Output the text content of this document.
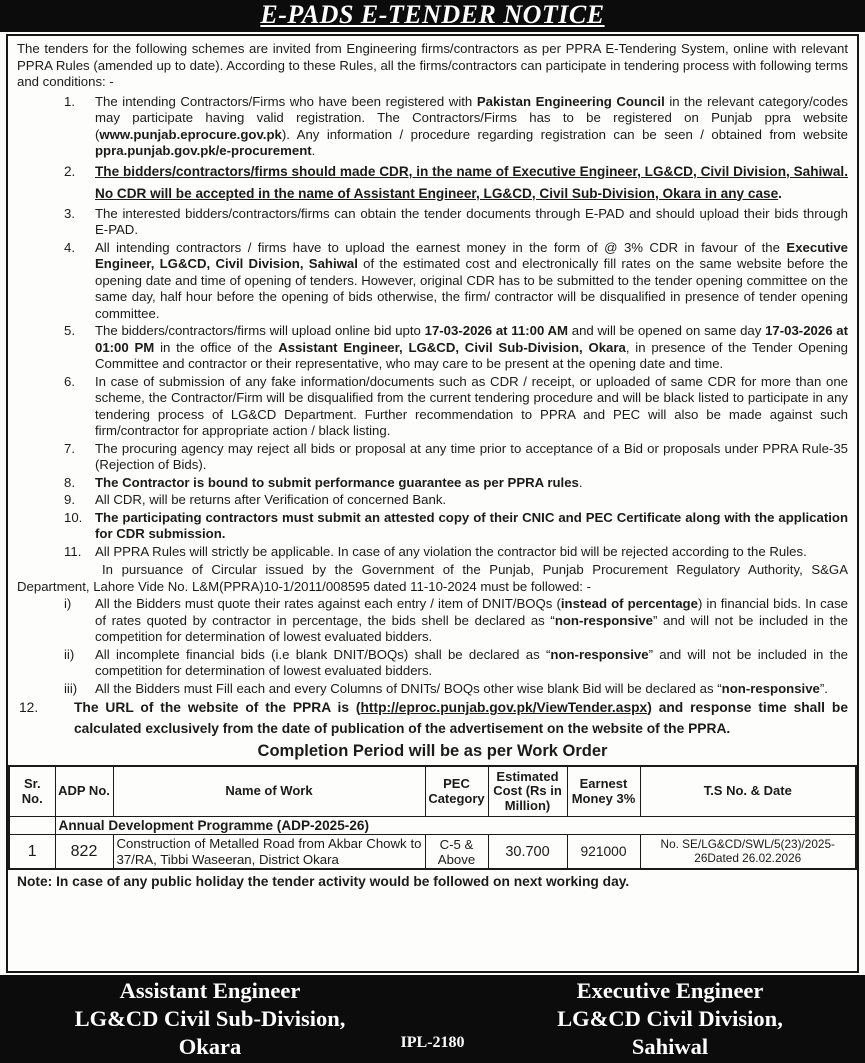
E-PADS E-TENDER NOTICE

The tenders for the following schemes are invited from Engineering firms/contractors as per PPRA E-Tendering System, online with relevant PPRA Rules (amended up to date). According to these Rules, all the firms/contractors can participate in tendering process with following terms and conditions: -

1.	The intending Contractors/Firms who have been registered with Pakistan Engineering Council in the relevant category/codes may participate having valid registration. The Contractors/Firms has to be registered on Punjab ppra website (www.punjab.eprocure.gov.pk). Any information / procedure regarding registration can be seen / obtained from website ppra.punjab.gov.pk/e-procurement.
2.	The bidders/contractors/firms should made CDR, in the name of Executive Engineer, LG&CD, Civil Division, Sahiwal. No CDR will be accepted in the name of Assistant Engineer, LG&CD, Civil Sub-Division, Okara in any case.
3.	The interested bidders/contractors/firms can obtain the tender documents through E-PAD and should upload their bids through E-PAD.
4.	All intending contractors / firms have to upload the earnest money in the form of @ 3% CDR in favour of the Executive Engineer, LG&CD, Civil Division, Sahiwal of the estimated cost and electronically fill rates on the same website before the opening date and time of opening of tenders. However, original CDR has to be submitted to the tender opening committee on the same day, half hour before the opening of bids otherwise, the firm/ contractor will be disqualified in presence of tender opening committee.
5.	The bidders/contractors/firms will upload online bid upto 17-03-2026 at 11:00 AM and will be opened on same day 17-03-2026 at 01:00 PM in the office of the Assistant Engineer, LG&CD, Civil Sub-Division, Okara, in presence of the Tender Opening Committee and contractor or their representative, who may care to be present at the opening date and time.
6.	In case of submission of any fake information/documents such as CDR / receipt, or uploaded of same CDR for more than one scheme, the Contractor/Firm will be disqualified from the current tendering procedure and will be black listed to participate in any tendering process of LG&CD Department. Further recommendation to PPRA and PEC will also be made against such firm/contractor for appropriate action / black listing.
7.	The procuring agency may reject all bids or proposal at any time prior to acceptance of a Bid or proposals under PPRA Rule-35 (Rejection of Bids).
8.	The Contractor is bound to submit performance guarantee as per PPRA rules.
9.	All CDR, will be returns after Verification of concerned Bank.
10. The participating contractors must submit an attested copy of their CNIC and PEC Certificate along with the application for CDR submission.
11.	All PPRA Rules will strictly be applicable. In case of any violation the contractor bid will be rejected according to the Rules.

In pursuance of Circular issued by the Government of the Punjab, Punjab Procurement Regulatory Authority, S&GA Department, Lahore Vide No. L&M(PPRA)10-1/2011/008595 dated 11-10-2024 must be followed: -

i)	All the Bidders must quote their rates against each entry / item of DNIT/BOQs (instead of percentage) in financial bids. In case of rates quoted by contractor in percentage, the bids shell be declared as “non-responsive” and will not be included in the competition for determination of lowest evaluated bidders.
ii)	All incomplete financial bids (i.e blank DNIT/BOQs) shall be declared as “non-responsive” and will not be included in the competition for determination of lowest evaluated bidders.
iii)	All the Bidders must Fill each and every Columns of DNITs/ BOQs other wise blank Bid will be declared as “non-responsive”.
12.	The URL of the website of the PPRA is (http://eproc.punjab.gov.pk/ViewTender.aspx) and response time shall be calculated exclusively from the date of publication of the advertisement on the website of the PPRA.
Completion Period will be as per Work Order
Sr. No.	ADP No.	Name of Work	PEC Category	Estimated Cost (Rs in Million)	Earnest Money 3%	T.S No. & Date
	Annual Development Programme (ADP-2025-26)					
1	822	Construction of Metalled Road from Akbar Chowk to 37/RA, Tibbi Waseeran, District Okara	C-5 & Above	30.700	921000	No. SE/LG&CD/SWL/5(23)/2025-26Dated 26.02.2026

Note: In case of any public holiday the tender activity would be followed on next working day.

Assistant Engineer
LG&CD Civil Sub-Division,
Okara	IPL-2180
Executive Engineer
LG&CD Civil Division,
Sahiwal
